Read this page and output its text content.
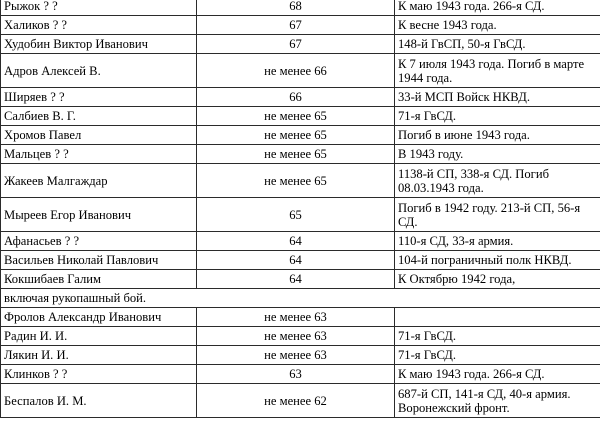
Рыжок ? ?	68	К маю 1943 года. 266-я СД.
Халиков ? ?	67	К весне 1943 года.
Худобин Виктор Иванович	67	148-й ГвСП, 50-я ГвСД.
Адров Алексей В.	не менее 66	К 7 июля 1943 года. Погиб в марте 1944 года.
Ширяев ? ?	66	33-й МСП Войск НКВД.
Салбиев В. Г.	не менее 65	71-я ГвСД.
Хромов Павел	не менее 65	Погиб в июне 1943 года.
Мальцев ? ?	не менее 65	В 1943 году.
Жакеев Малгаждар	не менее 65	1138-й СП, 338-я СД. Погиб 08.03.1943 года.
Мыреев Егор Иванович	65	Погиб в 1942 году. 213-й СП, 56-я СД.
Афанасьев ? ?	64	110-я СД, 33-я армия.
Васильев Николай Павлович	64	104-й пограничный полк НКВД.
Кокшибаев Галим	64	К Октябрю 1942 года,
включая рукопашный бой.		
Фролов Александр Иванович	не менее 63	
Радин И. И.	не менее 63	71-я ГвСД.
Лякин И. И.	не менее 63	71-я ГвСД.
Клинков ? ?	63	К маю 1943 года. 266-я СД.
Беспалов И. М.	не менее 62	687-й СП, 141-я СД, 40-я армия. Воронежский фронт.
